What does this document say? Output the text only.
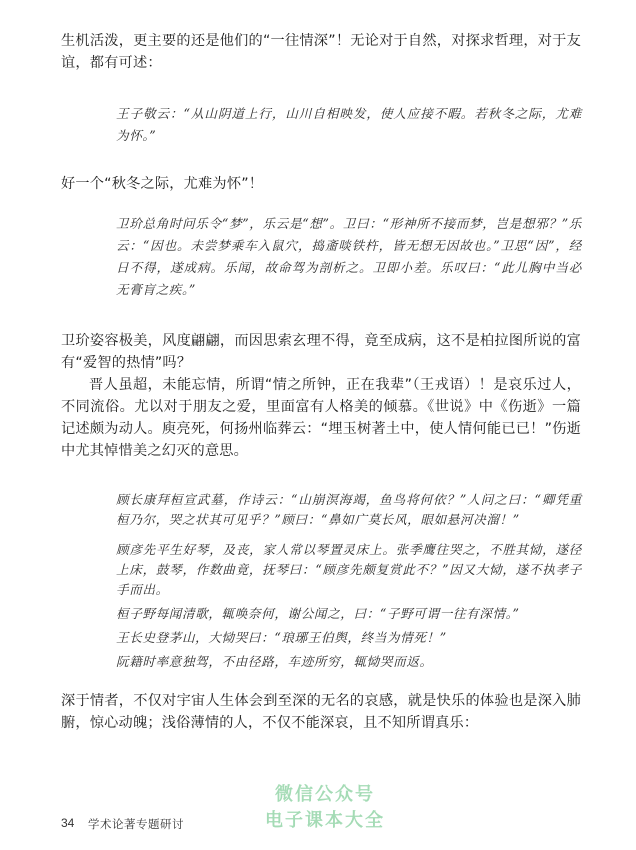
生机活泼，更主要的还是他们的“一往情深”！无论对于自然，对探求哲理，对于友谊，都有可述：

王子敬云：“从山阴道上行，山川自相映发，使人应接不暇。若秋冬之际，尤难为怀。”

好一个“秋冬之际，尤难为怀”！

卫玠总角时问乐令“梦”，乐云是“想”。卫曰：“形神所不接而梦，岂是想邪？”乐云：“因也。未尝梦乘车入鼠穴，捣齑啖铁杵，皆无想无因故也。”卫思“因”，经日不得，遂成病。乐闻，故命驾为剖析之。卫即小差。乐叹曰：“此儿胸中当必无膏肓之疾。”

卫玠姿容极美，风度翩翩，而因思索玄理不得，竟至成病，这不是柏拉图所说的富有“爱智的热情”吗？

晋人虽超，未能忘情，所谓“情之所钟，正在我辈”（王戎语）！是哀乐过人，不同流俗。尤以对于朋友之爱，里面富有人格美的倾慕。《世说》中《伤逝》一篇记述颇为动人。庾亮死，何扬州临葬云：“埋玉树著土中，使人情何能已已！”伤逝中尤其悼惜美之幻灭的意思。

顾长康拜桓宣武墓，作诗云：“山崩溟海竭，鱼鸟将何依？”人问之曰：“卿凭重桓乃尔，哭之状其可见乎？”顾曰：“鼻如广莫长风，眼如悬河决溜！”

顾彦先平生好琴，及丧，家人常以琴置灵床上。张季鹰往哭之，不胜其恸，遂径上床，鼓琴，作数曲竟，抚琴曰：“顾彦先颇复赏此不？”因又大恸，遂不执孝子手而出。

桓子野每闻清歌，辄唤奈何，谢公闻之，曰：“子野可谓一往有深情。”

王长史登茅山，大恸哭曰：“琅琊王伯舆，终当为情死！”

阮籍时率意独驾，不由径路，车迹所穷，辄恸哭而返。

深于情者，不仅对宇宙人生体会到至深的无名的哀感，就是快乐的体验也是深入肺腑，惊心动魄；浅俗薄情的人，不仅不能深哀，且不知所谓真乐：

34 学术论著专题研讨
微信公众号
电子课本大全
